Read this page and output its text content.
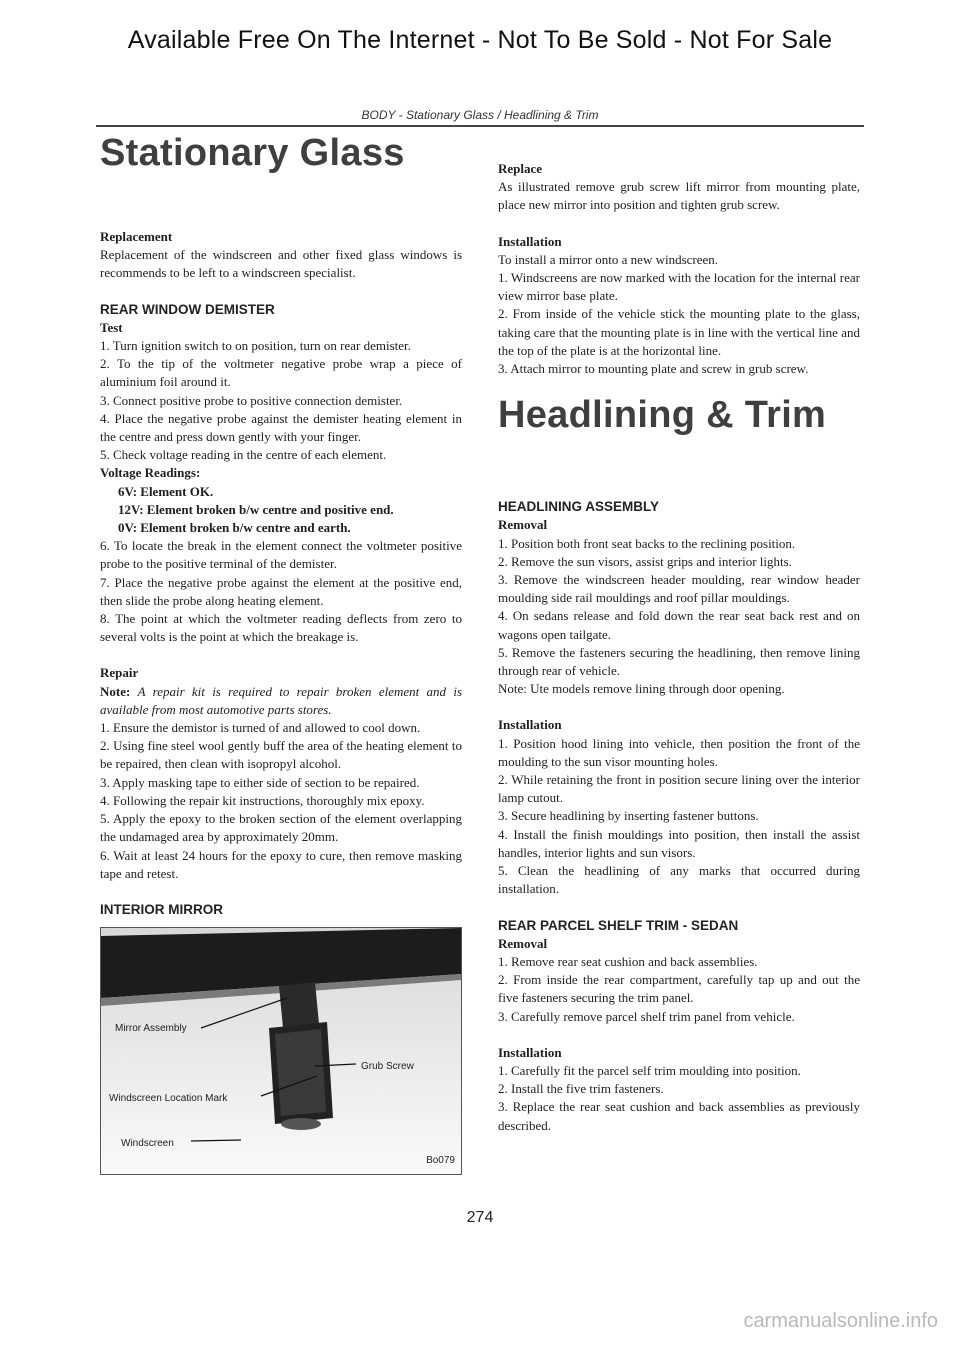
Available Free On The Internet - Not To Be Sold - Not For Sale
BODY - Stationary Glass / Headlining & Trim
Stationary Glass

Replacement

Replacement of the windscreen and other fixed glass windows is recommends to be left to a windscreen specialist.

REAR WINDOW DEMISTER

Test

1. Turn ignition switch to on position, turn on rear demister.

2. To the tip of the voltmeter negative probe wrap a piece of aluminium foil around it.

3. Connect positive probe to positive connection demister.

4. Place the negative probe against the demister heating element in the centre and press down gently with your finger.

5. Check voltage reading in the centre of each element.

Voltage Readings:

6V: Element OK.

12V: Element broken b/w centre and positive end.

0V: Element broken b/w centre and earth.

6. To locate the break in the element connect the voltmeter positive probe to the positive terminal of the demister.

7. Place the negative probe against the element at the positive end, then slide the probe along heating element.

8. The point at which the voltmeter reading deflects from zero to several volts is the point at which the breakage is.

Repair

Note: A repair kit is required to repair broken element and is available from most automotive parts stores.

1. Ensure the demistor is turned of and allowed to cool down.

2. Using fine steel wool gently buff the area of the heating element to be repaired, then clean with isopropyl alcohol.

3. Apply masking tape to either side of section to be repaired.

4. Following the repair kit instructions, thoroughly mix epoxy.

5. Apply the epoxy to the broken section of the element overlapping the undamaged area by approximately 20mm.

6. Wait at least 24 hours for the epoxy to cure, then remove masking tape and retest.

INTERIOR MIRROR

Mirror Assembly
Windscreen Location Mark
Grub Screw
Windscreen
Bo079

Replace

As illustrated remove grub screw lift mirror from mounting plate, place new mirror into position and tighten grub screw.

Installation

To install a mirror onto a new windscreen.

1. Windscreens are now marked with the location for the internal rear view mirror base plate.

2. From inside of the vehicle stick the mounting plate to the glass, taking care that the mounting plate is in line with the vertical line and the top of the plate is at the horizontal line.

3. Attach mirror to mounting plate and screw in grub screw.

Headlining & Trim

HEADLINING ASSEMBLY

Removal

1. Position both front seat backs to the reclining position.

2. Remove the sun visors, assist grips and interior lights.

3. Remove the windscreen header moulding, rear window header moulding side rail mouldings and roof pillar mouldings.

4. On sedans release and fold down the rear seat back rest and on wagons open tailgate.

5. Remove the fasteners securing the headlining, then remove lining through rear of vehicle.

Note: Ute models remove lining through door opening.

Installation

1. Position hood lining into vehicle, then position the front of the moulding to the sun visor mounting holes.

2. While retaining the front in position secure lining over the interior lamp cutout.

3. Secure headlining by inserting fastener buttons.

4. Install the finish mouldings into position, then install the assist handles, interior lights and sun visors.

5. Clean the headlining of any marks that occurred during installation.

REAR PARCEL SHELF TRIM - SEDAN

Removal

1. Remove rear seat cushion and back assemblies.

2. From inside the rear compartment, carefully tap up and out the five fasteners securing the trim panel.

3. Carefully remove parcel shelf trim panel from vehicle.

Installation

1. Carefully fit the parcel self trim moulding into position.

2. Install the five trim fasteners.

3. Replace the rear seat cushion and back assemblies as previously described.

274
carmanualsonline.info
